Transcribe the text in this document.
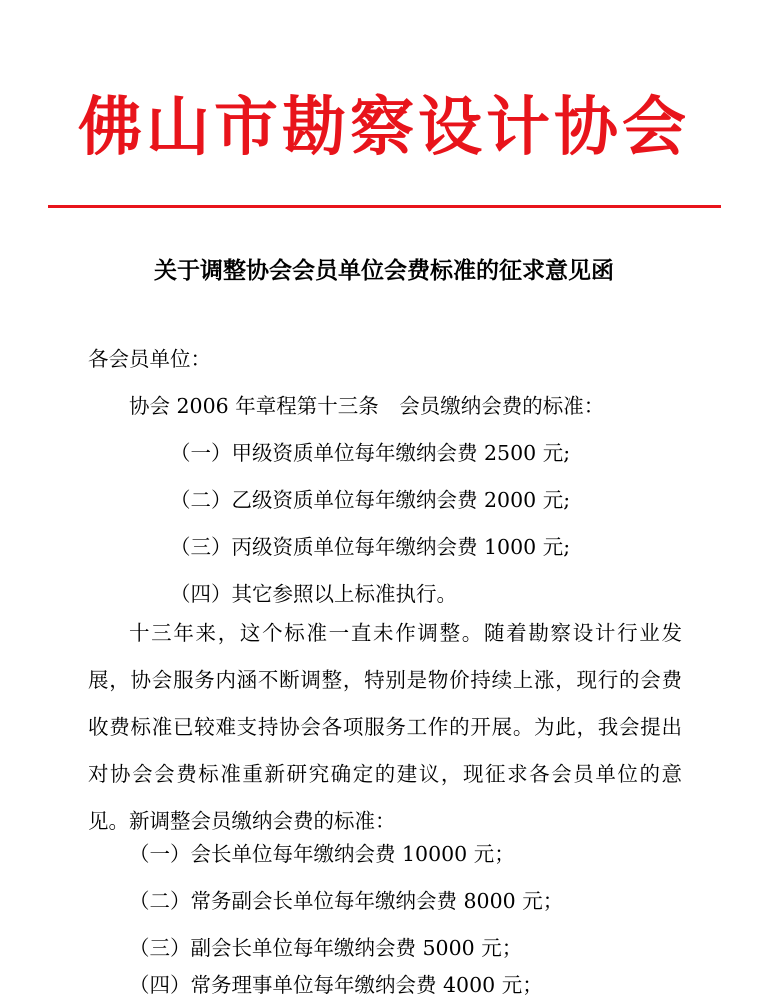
佛山市勘察设计协会
关于调整协会会员单位会费标准的征求意见函

各会员单位：

协会 2006 年章程第十三条　会员缴纳会费的标准：

（一）甲级资质单位每年缴纳会费 2500 元;

（二）乙级资质单位每年缴纳会费 2000 元;

（三）丙级资质单位每年缴纳会费 1000 元;

（四）其它参照以上标准执行。

十三年来，这个标准一直未作调整。随着勘察设计行业发展，协会服务内涵不断调整，特别是物价持续上涨，现行的会费收费标准已较难支持协会各项服务工作的开展。为此，我会提出对协会会费标准重新研究确定的建议，现征求各会员单位的意见。新调整会员缴纳会费的标准：

（一）会长单位每年缴纳会费 10000 元；

（二）常务副会长单位每年缴纳会费 8000 元；

（三）副会长单位每年缴纳会费 5000 元；

（四）常务理事单位每年缴纳会费 4000 元；
